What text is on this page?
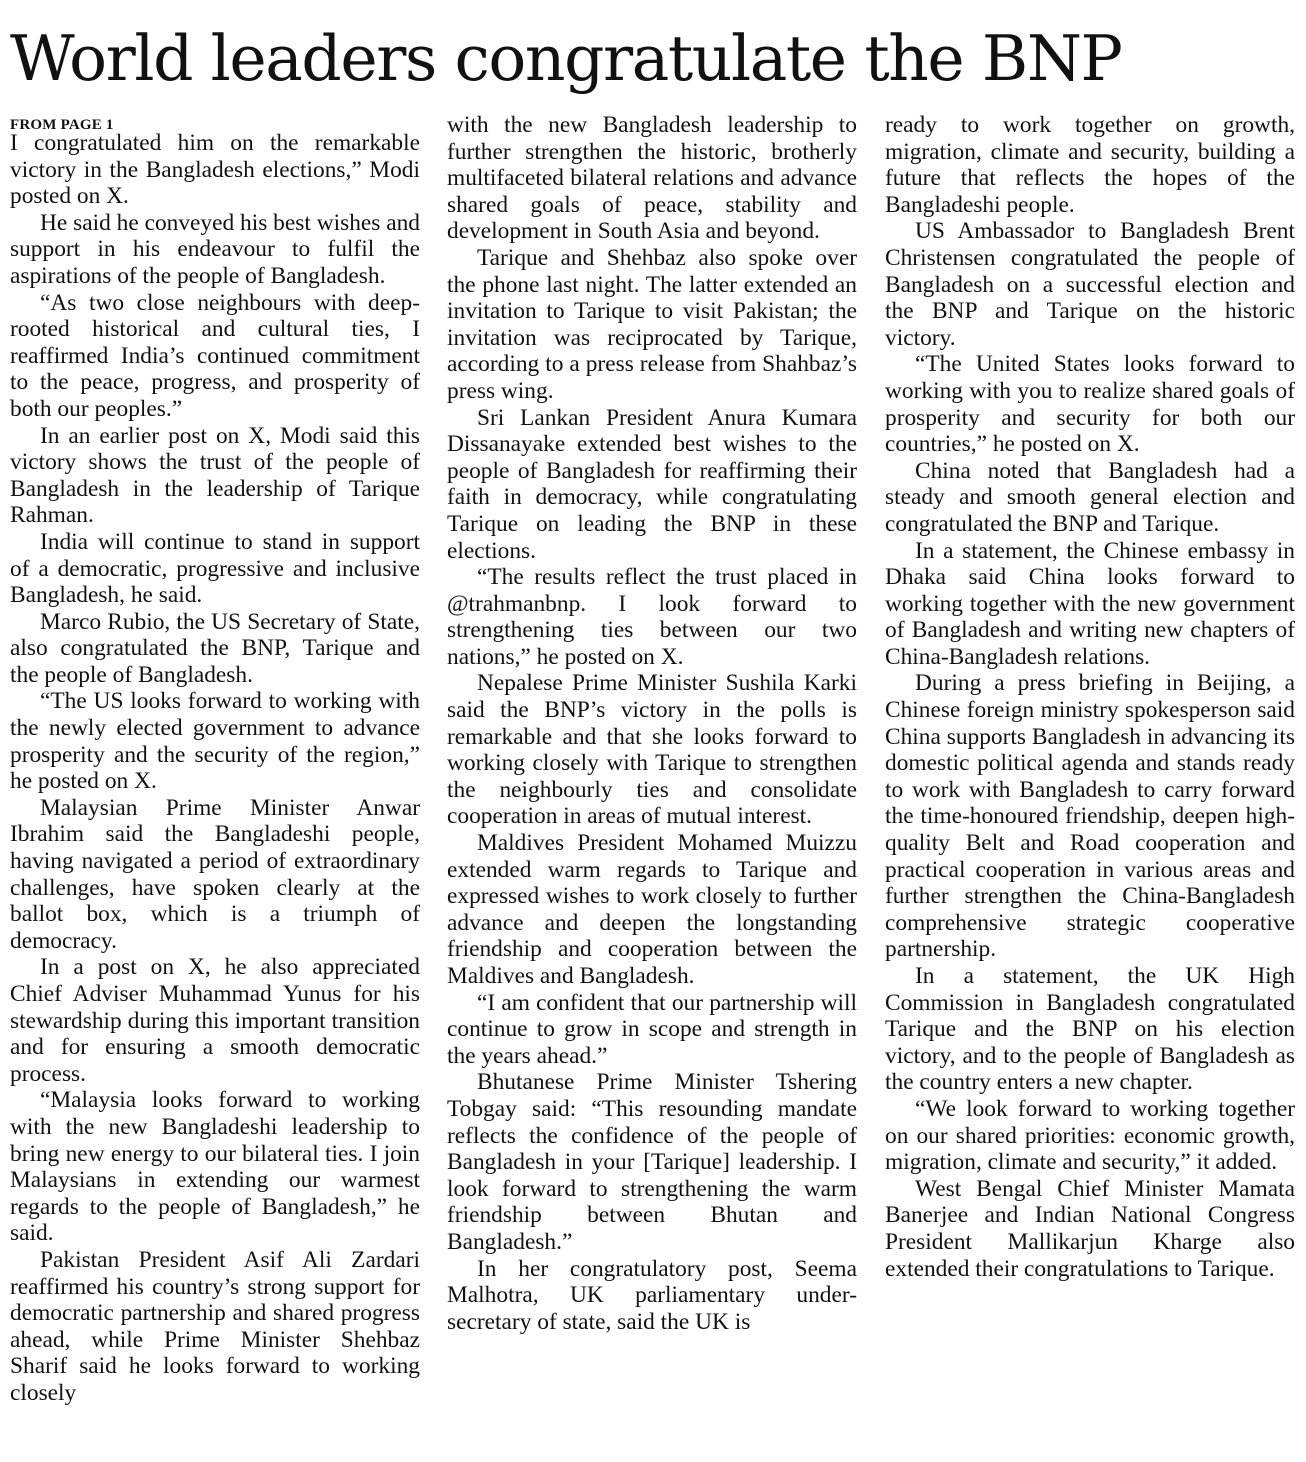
World leaders congratulate the BNP
FROM PAGE 1

I congratulated him on the remarkable victory in the Bangladesh elections,” Modi posted on X.

He said he conveyed his best wishes and support in his endeavour to fulfil the aspirations of the people of Bangladesh.

“As two close neighbours with deep-rooted historical and cultural ties, I reaffirmed India’s continued commitment to the peace, progress, and prosperity of both our peoples.”

In an earlier post on X, Modi said this victory shows the trust of the people of Bangladesh in the leadership of Tarique Rahman.

India will continue to stand in support of a democratic, progressive and inclusive Bangladesh, he said.

Marco Rubio, the US Secretary of State, also congratulated the BNP, Tarique and the people of Bangladesh.

“The US looks forward to working with the newly elected government to advance prosperity and the security of the region,” he posted on X.

Malaysian Prime Minister Anwar Ibrahim said the Bangladeshi people, having navigated a period of extraordinary challenges, have spoken clearly at the ballot box, which is a triumph of democracy.

In a post on X, he also appreciated Chief Adviser Muhammad Yunus for his stewardship during this important transition and for ensuring a smooth democratic process.

“Malaysia looks forward to working with the new Bangladeshi leadership to bring new energy to our bilateral ties. I join Malaysians in extending our warmest regards to the people of Bangladesh,” he said.

Pakistan President Asif Ali Zardari reaffirmed his country’s strong support for democratic partnership and shared progress ahead, while Prime Minister Shehbaz Sharif said he looks forward to working closely

with the new Bangladesh leadership to further strengthen the historic, brotherly multifaceted bilateral relations and advance shared goals of peace, stability and development in South Asia and beyond.

Tarique and Shehbaz also spoke over the phone last night. The latter extended an invitation to Tarique to visit Pakistan; the invitation was reciprocated by Tarique, according to a press release from Shahbaz’s press wing.

Sri Lankan President Anura Kumara Dissanayake extended best wishes to the people of Bangladesh for reaffirming their faith in democracy, while congratulating Tarique on leading the BNP in these elections.

“The results reflect the trust placed in @trahmanbnp. I look forward to strengthening ties between our two nations,” he posted on X.

Nepalese Prime Minister Sushila Karki said the BNP’s victory in the polls is remarkable and that she looks forward to working closely with Tarique to strengthen the neighbourly ties and consolidate cooperation in areas of mutual interest.

Maldives President Mohamed Muizzu extended warm regards to Tarique and expressed wishes to work closely to further advance and deepen the longstanding friendship and cooperation between the Maldives and Bangladesh.

“I am confident that our partnership will continue to grow in scope and strength in the years ahead.”

Bhutanese Prime Minister Tshering Tobgay said: “This resounding mandate reflects the confidence of the people of Bangladesh in your [Tarique] leadership. I look forward to strengthening the warm friendship between Bhutan and Bangladesh.”

In her congratulatory post, Seema Malhotra, UK parliamentary under-secretary of state, said the UK is

ready to work together on growth, migration, climate and security, building a future that reflects the hopes of the Bangladeshi people.

US Ambassador to Bangladesh Brent Christensen congratulated the people of Bangladesh on a successful election and the BNP and Tarique on the historic victory.

“The United States looks forward to working with you to realize shared goals of prosperity and security for both our countries,” he posted on X.

China noted that Bangladesh had a steady and smooth general election and congratulated the BNP and Tarique.

In a statement, the Chinese embassy in Dhaka said China looks forward to working together with the new government of Bangladesh and writing new chapters of China-Bangladesh relations.

During a press briefing in Beijing, a Chinese foreign ministry spokesperson said China supports Bangladesh in advancing its domestic political agenda and stands ready to work with Bangladesh to carry forward the time-honoured friendship, deepen high-quality Belt and Road cooperation and practical cooperation in various areas and further strengthen the China-Bangladesh comprehensive strategic cooperative partnership.

In a statement, the UK High Commission in Bangladesh congratulated Tarique and the BNP on his election victory, and to the people of Bangladesh as the country enters a new chapter.

“We look forward to working together on our shared priorities: economic growth, migration, climate and security,” it added.

West Bengal Chief Minister Mamata Banerjee and Indian National Congress President Mallikarjun Kharge also extended their congratulations to Tarique.
